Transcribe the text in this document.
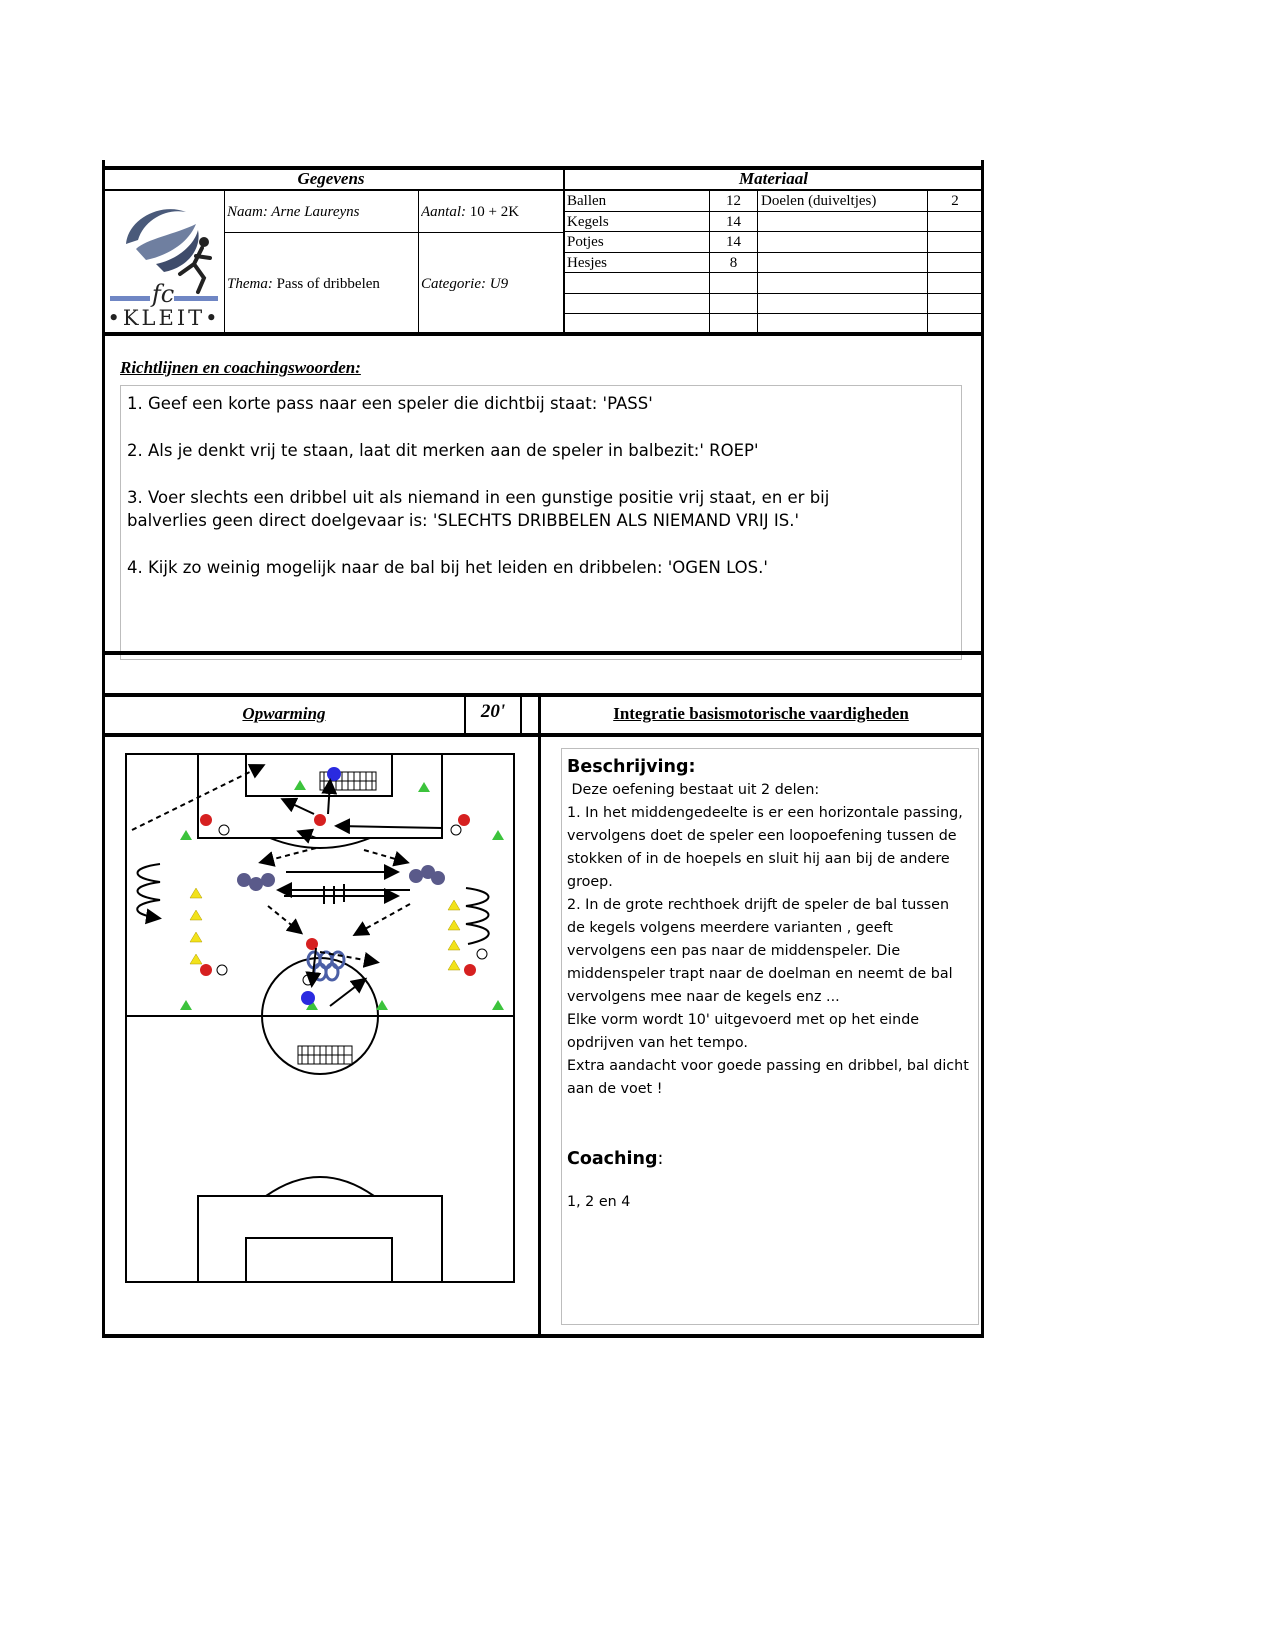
Gegevens	Materiaal
fc
•KLEIT•
Naam: Arne Laureyns	Aantal: 10 + 2K
Thema: Pass of dribbelen	Categorie: U9
Ballen	12	Doelen (duiveltjes)	2
Kegels	14
Potjes	14
Hesjes	8
Richtlijnen en coachingswoorden:

1. Geef een korte pass naar een speler die dichtbij staat: 'PASS'

2. Als je denkt vrij te staan, laat dit merken aan de speler in balbezit:' ROEP'

3. Voer slechts een dribbel uit als niemand in een gunstige positie vrij staat, en er bij
balverlies geen direct doelgevaar is: 'SLECHTS DRIBBELEN ALS NIEMAND VRIJ IS.'

4. Kijk zo weinig mogelijk naar de bal bij het leiden en dribbelen: 'OGEN LOS.'

Opwarming	20'	Integratie basismotorische vaardigheden
Beschrijving:
Deze oefening bestaat uit 2 delen:
1. In het middengedeelte is er een horizontale passing,
vervolgens doet de speler een loopoefening tussen de
stokken of in de hoepels en sluit hij aan bij de andere
groep.
2. In de grote rechthoek drijft de speler de bal tussen
de kegels volgens meerdere varianten , geeft
vervolgens een pas naar de middenspeler. Die
middenspeler trapt naar de doelman en neemt de bal
vervolgens mee naar de kegels enz ...
Elke vorm wordt 10' uitgevoerd met op het einde
opdrijven van het tempo.
Extra aandacht voor goede passing en dribbel, bal dicht
aan de voet !
Coaching:
1, 2 en 4
